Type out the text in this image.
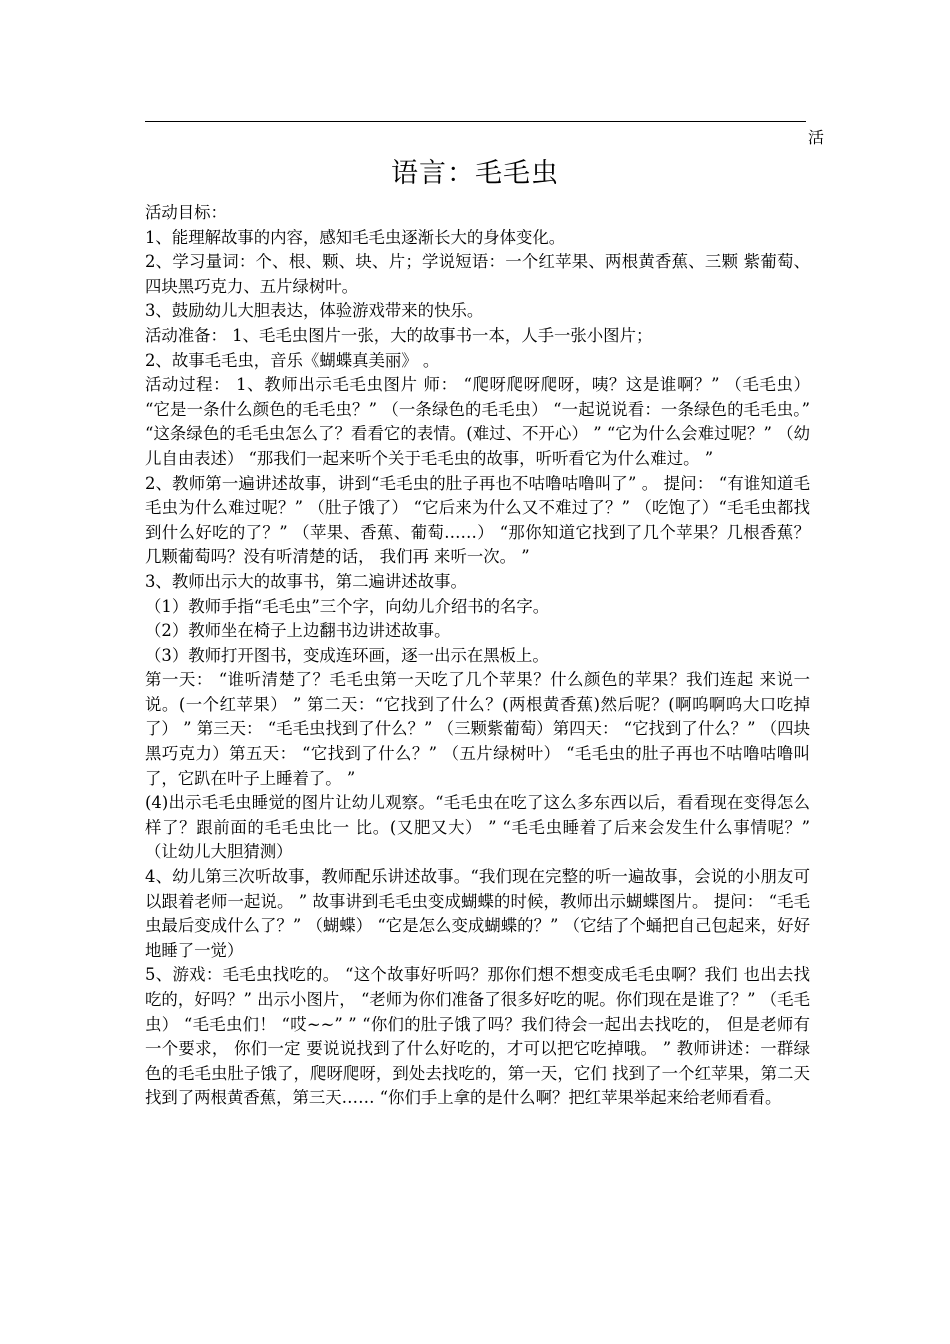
活
语言：毛毛虫

活动目标：

1、能理解故事的内容，感知毛毛虫逐渐长大的身体变化。

2、学习量词：个、根、颗、块、片；学说短语：一个红苹果、两根黄香蕉、三颗 紫葡萄、四块黑巧克力、五片绿树叶。

3、鼓励幼儿大胆表达，体验游戏带来的快乐。

活动准备： 1、毛毛虫图片一张，大的故事书一本，人手一张小图片；

2、故事毛毛虫，音乐《蝴蝶真美丽》 。

活动过程： 1、教师出示毛毛虫图片 师： “爬呀爬呀爬呀，咦？这是谁啊？” （毛毛虫） “它是一条什么颜色的毛毛虫？” （一条绿色的毛毛虫） “一起说说看：一条绿色的毛毛虫。” “这条绿色的毛毛虫怎么了？看看它的表情。(难过、不开心） ” “它为什么会难过呢？” （幼儿自由表述） “那我们一起来听个关于毛毛虫的故事，听听看它为什么难过。 ”

2、教师第一遍讲述故事，讲到“毛毛虫的肚子再也不咕噜咕噜叫了” 。 提问： “有谁知道毛毛虫为什么难过呢？” （肚子饿了） “它后来为什么又不难过了？” （吃饱了）“毛毛虫都找到什么好吃的了？” （苹果、香蕉、葡萄……） “那你知道它找到了几个苹果？几根香蕉？几颗葡萄吗？没有听清楚的话， 我们再 来听一次。 ”

3、教师出示大的故事书，第二遍讲述故事。

（1）教师手指“毛毛虫”三个字，向幼儿介绍书的名字。

（2）教师坐在椅子上边翻书边讲述故事。

（3）教师打开图书，变成连环画，逐一出示在黑板上。

第一天： “谁听清楚了？毛毛虫第一天吃了几个苹果？什么颜色的苹果？我们连起 来说一说。(一个红苹果） ” 第二天：“它找到了什么？(两根黄香蕉)然后呢？(啊呜啊呜大口吃掉了） ” 第三天： “毛毛虫找到了什么？” （三颗紫葡萄）第四天： “它找到了什么？” （四块黑巧克力）第五天： “它找到了什么？” （五片绿树叶） “毛毛虫的肚子再也不咕噜咕噜叫了，它趴在叶子上睡着了。 ”

(4)出示毛毛虫睡觉的图片让幼儿观察。“毛毛虫在吃了这么多东西以后，看看现在变得怎么样了？跟前面的毛毛虫比一 比。(又肥又大） ” “毛毛虫睡着了后来会发生什么事情呢？” （让幼儿大胆猜测）

4、幼儿第三次听故事，教师配乐讲述故事。“我们现在完整的听一遍故事，会说的小朋友可以跟着老师一起说。 ” 故事讲到毛毛虫变成蝴蝶的时候，教师出示蝴蝶图片。 提问： “毛毛虫最后变成什么了？” （蝴蝶） “它是怎么变成蝴蝶的？” （它结了个蛹把自己包起来，好好地睡了一觉）

5、游戏：毛毛虫找吃的。 “这个故事好听吗？那你们想不想变成毛毛虫啊？我们 也出去找吃的，好吗？” 出示小图片， “老师为你们准备了很多好吃的呢。你们现在是谁了？” （毛毛虫） “毛毛虫们！ “哎~~” ” “你们的肚子饿了吗？我们待会一起出去找吃的， 但是老师有一个要求， 你们一定 要说说找到了什么好吃的，才可以把它吃掉哦。 ” 教师讲述：一群绿色的毛毛虫肚子饿了，爬呀爬呀，到处去找吃的，第一天，它们 找到了一个红苹果，第二天找到了两根黄香蕉，第三天…… “你们手上拿的是什么啊？把红苹果举起来给老师看看。
